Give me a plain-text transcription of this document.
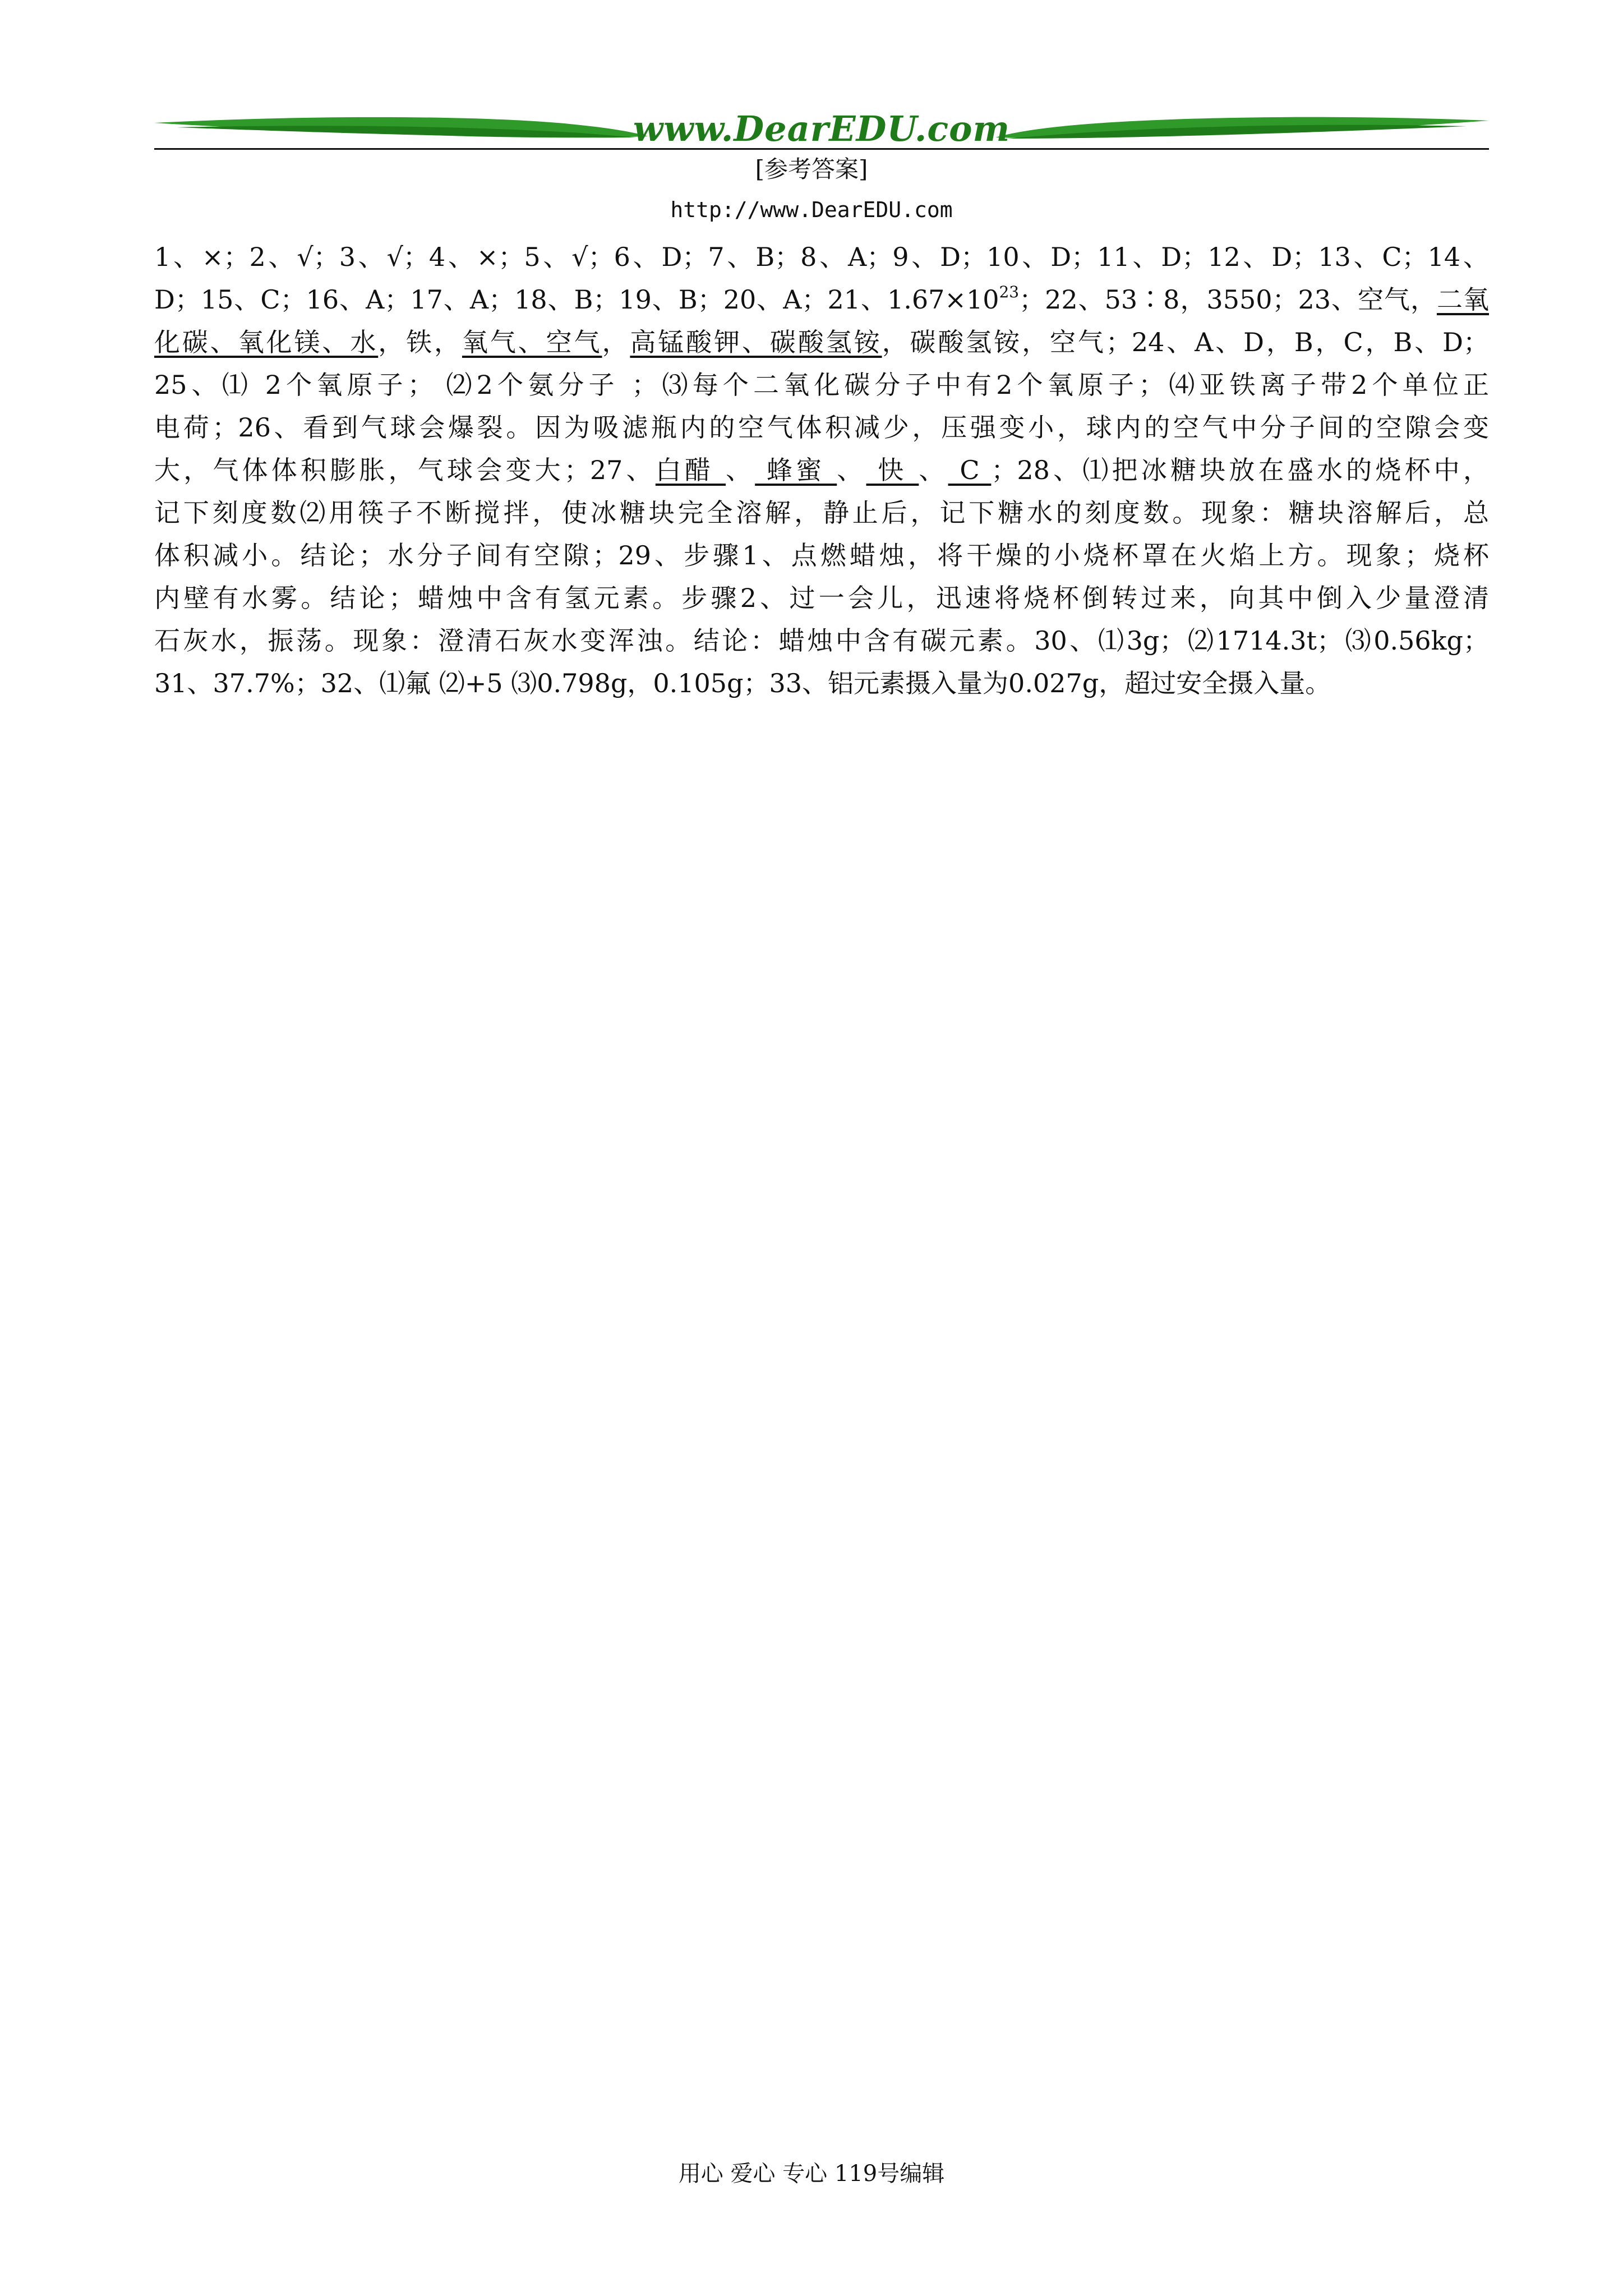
www.DearEDU.com
[参考答案]
http://www.DearEDU.com
1、×；2、√；3、√；4、×；5、√；6、D；7、B；8、A；9、D；10、D；11、D；12、D；13、C；14、
D；15、C；16、A；17、A；18、B；19、B；20、A；21、$1.67\times 10^{23}$；22、53∶8，3550；23、空气，二氧
化碳、氧化镁、水，铁，氧气、空气，高锰酸钾、碳酸氢铵，碳酸氢铵，空气；24、A、D，B，C，B、D；
25、⑴ 2个氧原子； ⑵2个氨分子 ；⑶每个二氧化碳分子中有2个氧原子；⑷亚铁离子带2个单位正
电荷；26、看到气球会爆裂。因为吸滤瓶内的空气体积减少，压强变小，球内的空气中分子间的空隙会变
大，气体体积膨胀，气球会变大；27、白醋 、 蜂蜜 、 快 、 C ；28、⑴把冰糖块放在盛水的烧杯中，
记下刻度数⑵用筷子不断搅拌，使冰糖块完全溶解，静止后，记下糖水的刻度数。现象：糖块溶解后，总
体积减小。结论；水分子间有空隙；29、步骤1、点燃蜡烛，将干燥的小烧杯罩在火焰上方。现象；烧杯
内壁有水雾。结论；蜡烛中含有氢元素。步骤2、过一会儿，迅速将烧杯倒转过来，向其中倒入少量澄清
石灰水，振荡。现象：澄清石灰水变浑浊。结论：蜡烛中含有碳元素。30、⑴3g；⑵1714.3t；⑶0.56kg；
31、37.7%；32、⑴氟 ⑵+5 ⑶0.798g，0.105g；33、铝元素摄入量为0.027g，超过安全摄入量。
用心 爱心 专心 119号编辑
